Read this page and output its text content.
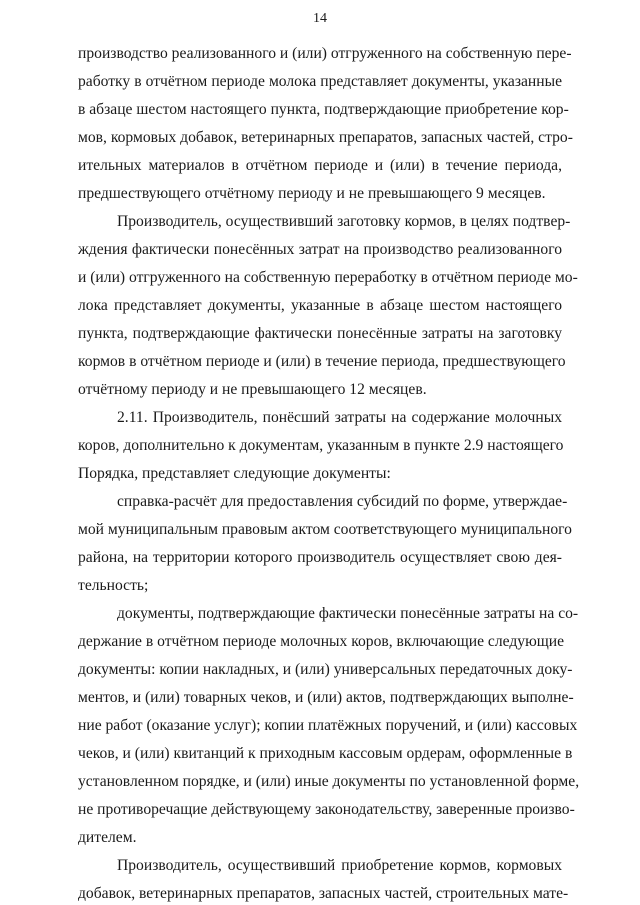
14
производство реализованного и (или) отгруженного на собственную пере-
работку в отчётном периоде молока представляет документы, указанные
в абзаце шестом настоящего пункта, подтверждающие приобретение кор-
мов, кормовых добавок, ветеринарных препаратов, запасных частей, стро-
ительных материалов в отчётном периоде и (или) в течение периода,
предшествующего отчётному периоду и не превышающего 9 месяцев.
Производитель, осуществивший заготовку кормов, в целях подтвер-
ждения фактически понесённых затрат на производство реализованного
и (или) отгруженного на собственную переработку в отчётном периоде мо-
лока представляет документы, указанные в абзаце шестом настоящего
пункта, подтверждающие фактически понесённые затраты на заготовку
кормов в отчётном периоде и (или) в течение периода, предшествующего
отчётному периоду и не превышающего 12 месяцев.
2.11. Производитель, понёсший затраты на содержание молочных
коров, дополнительно к документам, указанным в пункте 2.9 настоящего
Порядка, представляет следующие документы:
справка-расчёт для предоставления субсидий по форме, утверждае-
мой муниципальным правовым актом соответствующего муниципального
района, на территории которого производитель осуществляет свою дея-
тельность;
документы, подтверждающие фактически понесённые затраты на со-
держание в отчётном периоде молочных коров, включающие следующие
документы: копии накладных, и (или) универсальных передаточных доку-
ментов, и (или) товарных чеков, и (или) актов, подтверждающих выполне-
ние работ (оказание услуг); копии платёжных поручений, и (или) кассовых
чеков, и (или) квитанций к приходным кассовым ордерам, оформленные в
установленном порядке, и (или) иные документы по установленной форме,
не противоречащие действующему законодательству, заверенные произво-
дителем.
Производитель, осуществивший приобретение кормов, кормовых
добавок, ветеринарных препаратов, запасных частей, строительных мате-
